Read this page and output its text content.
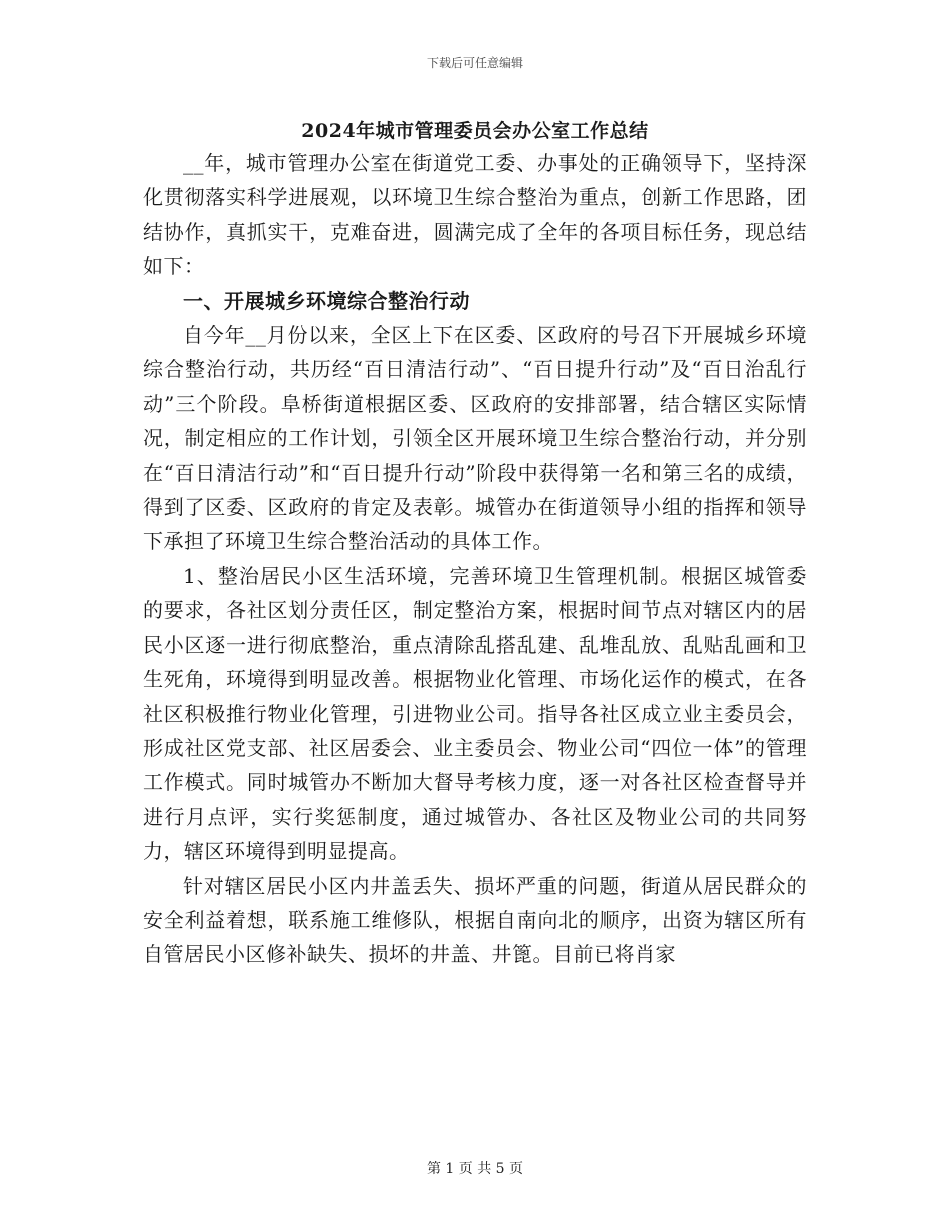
下载后可任意编辑
2024年城市管理委员会办公室工作总结

__年，城市管理办公室在街道党工委、办事处的正确领导下，坚持深化贯彻落实科学进展观，以环境卫生综合整治为重点，创新工作思路，团结协作，真抓实干，克难奋进，圆满完成了全年的各项目标任务，现总结如下：

一、开展城乡环境综合整治行动

自今年__月份以来，全区上下在区委、区政府的号召下开展城乡环境综合整治行动，共历经“百日清洁行动”、“百日提升行动”及“百日治乱行动”三个阶段。阜桥街道根据区委、区政府的安排部署，结合辖区实际情况，制定相应的工作计划，引领全区开展环境卫生综合整治行动，并分别在“百日清洁行动”和“百日提升行动”阶段中获得第一名和第三名的成绩，得到了区委、区政府的肯定及表彰。城管办在街道领导小组的指挥和领导下承担了环境卫生综合整治活动的具体工作。

1、整治居民小区生活环境，完善环境卫生管理机制。根据区城管委的要求，各社区划分责任区，制定整治方案，根据时间节点对辖区内的居民小区逐一进行彻底整治，重点清除乱搭乱建、乱堆乱放、乱贴乱画和卫生死角，环境得到明显改善。根据物业化管理、市场化运作的模式，在各社区积极推行物业化管理，引进物业公司。指导各社区成立业主委员会，形成社区党支部、社区居委会、业主委员会、物业公司“四位一体”的管理工作模式。同时城管办不断加大督导考核力度，逐一对各社区检查督导并进行月点评，实行奖惩制度，通过城管办、各社区及物业公司的共同努力，辖区环境得到明显提高。

针对辖区居民小区内井盖丢失、损坏严重的问题，街道从居民群众的安全利益着想，联系施工维修队，根据自南向北的顺序，出资为辖区所有自管居民小区修补缺失、损坏的井盖、井篦。目前已将肖家

第 1 页 共 5 页
